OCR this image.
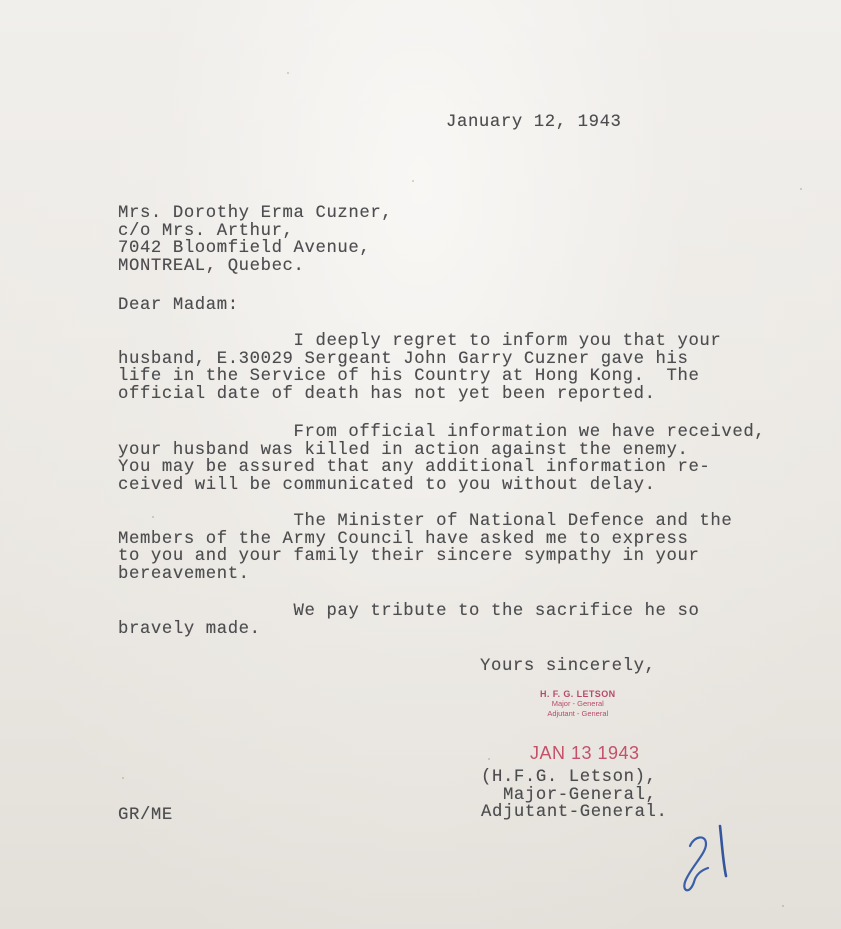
January 12, 1943
Mrs. Dorothy Erma Cuzner,
c/o Mrs. Arthur,
7042 Bloomfield Avenue,
MONTREAL, Quebec.
Dear Madam:
I deeply regret to inform you that your
husband, E.30029 Sergeant John Garry Cuzner gave his
life in the Service of his Country at Hong Kong.  The
official date of death has not yet been reported.
From official information we have received,
your husband was killed in action against the enemy.
You may be assured that any additional information re-
ceived will be communicated to you without delay.
The Minister of National Defence and the
Members of the Army Council have asked me to express
to you and your family their sincere sympathy in your
bereavement.
We pay tribute to the sacrifice he so
bravely made.
Yours sincerely,
H. F. G. LETSON
Major - General
Adjutant - General
JAN 13 1943
(H.F.G. Letson),
Major-General,
Adjutant-General.
GR/ME
